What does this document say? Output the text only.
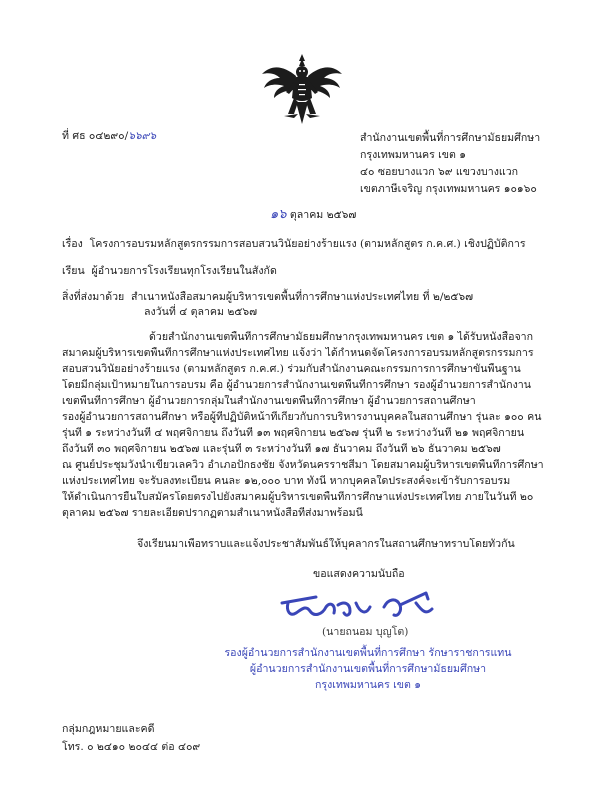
ที่ ศธ ๐๔๒๙๐/๖๖๙๖	สำนักงานเขตพื้นที่การศึกษามัธยมศึกษา
กรุงเทพมหานคร เขต ๑
๔๐ ซอยบางแวก ๖๙ แขวงบางแวก
เขตภาษีเจริญ กรุงเทพมหานคร ๑๐๑๖๐
๑๖ ตุลาคม ๒๕๖๗
เรื่อง โครงการอบรมหลักสูตรกรรมการสอบสวนวินัยอย่างร้ายแรง (ตามหลักสูตร ก.ค.ศ.) เชิงปฏิบัติการ
เรียน ผู้อำนวยการโรงเรียนทุกโรงเรียนในสังกัด
สิ่งที่ส่งมาด้วย สำเนาหนังสือสมาคมผู้บริหารเขตพื้นที่การศึกษาแห่งประเทศไทย ที่ ๒/๒๕๖๗
ลงวันที่ ๔ ตุลาคม ๒๕๖๗
ด้วยสำนักงานเขตพื้นที่การศึกษามัธยมศึกษากรุงเทพมหานคร เขต ๑ ได้รับหนังสือจาก
สมาคมผู้บริหารเขตพื้นที่การศึกษาแห่งประเทศไทย แจ้งว่า ได้กำหนดจัดโครงการอบรมหลักสูตรกรรมการ
สอบสวนวินัยอย่างร้ายแรง (ตามหลักสูตร ก.ค.ศ.) ร่วมกับสำนักงานคณะกรรมการการศึกษาขั้นพื้นฐาน
โดยมีกลุ่มเป้าหมายในการอบรม คือ ผู้อำนวยการสำนักงานเขตพื้นที่การศึกษา รองผู้อำนวยการสำนักงาน
เขตพื้นที่การศึกษา ผู้อำนวยการกลุ่มในสำนักงานเขตพื้นที่การศึกษา ผู้อำนวยการสถานศึกษา
รองผู้อำนวยการสถานศึกษา หรือผู้ที่ปฏิบัติหน้าที่เกี่ยวกับการบริหารงานบุคคลในสถานศึกษา รุ่นละ ๑๐๐ คน
รุ่นที่ ๑ ระหว่างวันที่ ๔ พฤศจิกายน ถึงวันที่ ๑๓ พฤศจิกายน ๒๕๖๗ รุ่นที่ ๒ ระหว่างวันที่ ๒๑ พฤศจิกายน
ถึงวันที่ ๓๐ พฤศจิกายน ๒๕๖๗ และรุ่นที่ ๓ ระหว่างวันที่ ๑๗ ธันวาคม ถึงวันที่ ๒๖ ธันวาคม ๒๕๖๗
ณ ศูนย์ประชุมวังน้ำเขียวเลควิว อำเภอปักธงชัย จังหวัดนครราชสีมา โดยสมาคมผู้บริหารเขตพื้นที่การศึกษา
แห่งประเทศไทย จะรับลงทะเบียน คนละ ๑๒,๐๐๐ บาท ทั้งนี้ หากบุคคลใดประสงค์จะเข้ารับการอบรม
ให้ดำเนินการยื่นใบสมัครโดยตรงไปยังสมาคมผู้บริหารเขตพื้นที่การศึกษาแห่งประเทศไทย ภายในวันที่ ๒๐
ตุลาคม ๒๕๖๗ รายละเอียดปรากฏตามสำเนาหนังสือที่ส่งมาพร้อมนี้
จึงเรียนมาเพื่อทราบและแจ้งประชาสัมพันธ์ให้บุคลากรในสถานศึกษาทราบโดยทั่วกัน
ขอแสดงความนับถือ
(นายถนอม บุญโต)
รองผู้อำนวยการสำนักงานเขตพื้นที่การศึกษา รักษาราชการแทน
ผู้อำนวยการสำนักงานเขตพื้นที่การศึกษามัธยมศึกษา
กรุงเทพมหานคร เขต ๑
กลุ่มกฎหมายและคดี
โทร. ๐ ๒๔๑๐ ๒๐๔๔ ต่อ ๔๐๙
